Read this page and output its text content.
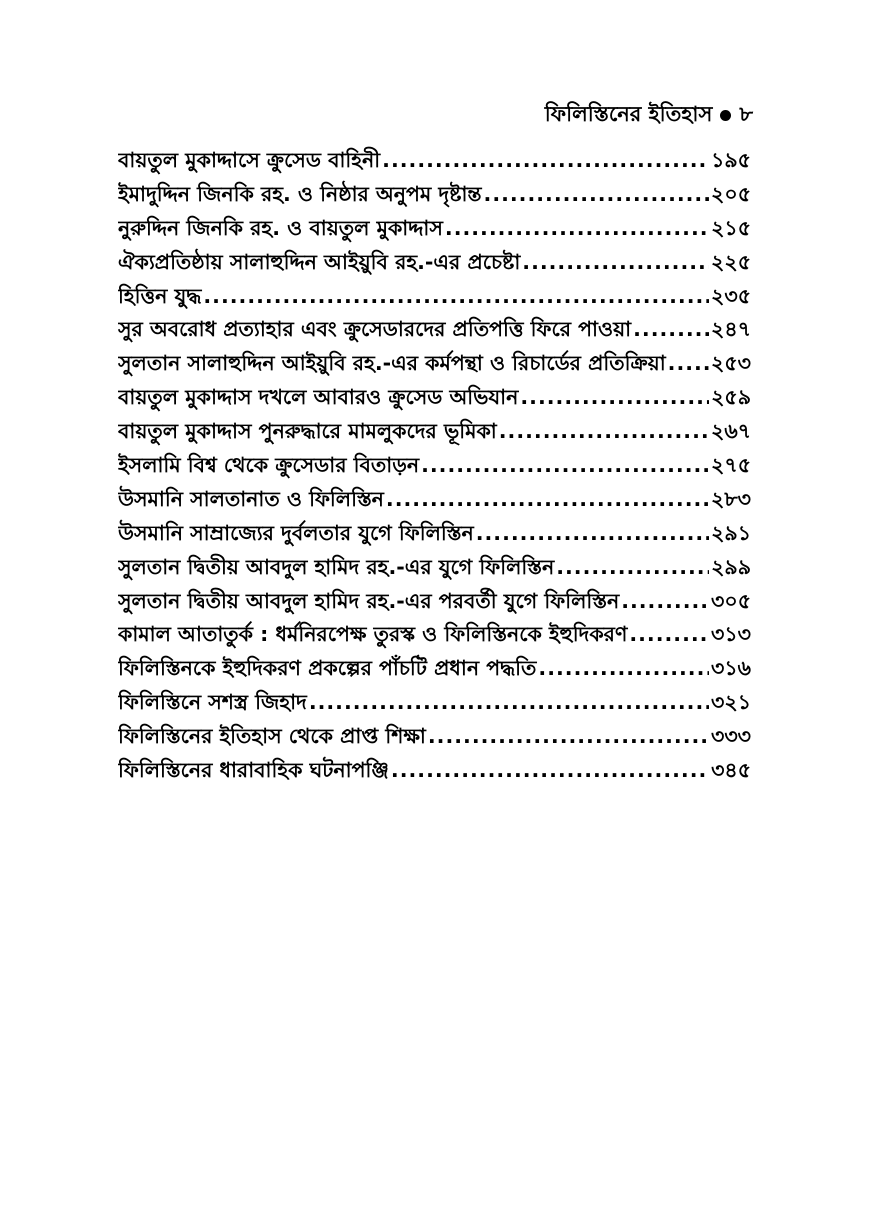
ফিলিস্তিনের ইতিহাস ৮
বায়তুল মুকাদ্দাসে ক্রুসেড বাহিনী .....	১৯৫
ইমাদুদ্দিন জিনকি রহ. ও নিষ্ঠার অনুপম দৃষ্টান্ত .....	২০৫
নুরুদ্দিন জিনকি রহ. ও বায়তুল মুকাদ্দাস .....	২১৫
ঐক্যপ্রতিষ্ঠায় সালাহুদ্দিন আইয়ুবি রহ.-এর প্রচেষ্টা .....	২২৫
হিত্তিন যুদ্ধ .....	২৩৫
সুর অবরোধ প্রত্যাহার এবং ক্রুসেডারদের প্রতিপত্তি ফিরে পাওয়া .....	২৪৭
সুলতান সালাহুদ্দিন আইয়ুবি রহ.-এর কর্মপন্থা ও রিচার্ডের প্রতিক্রিয়া ..... ২৫৩
বায়তুল মুকাদ্দাস দখলে আবারও ক্রুসেড অভিযান .....	২৫৯
বায়তুল মুকাদ্দাস পুনরুদ্ধারে মামলুকদের ভূমিকা .....	২৬৭
ইসলামি বিশ্ব থেকে ক্রুসেডার বিতাড়ন .....	২৭৫
উসমানি সালতানাত ও ফিলিস্তিন .....	২৮৩
উসমানি সাম্রাজ্যের দুর্বলতার যুগে ফিলিস্তিন .....	২৯১
সুলতান দ্বিতীয় আবদুল হামিদ রহ.-এর যুগে ফিলিস্তিন .....	২৯৯
সুলতান দ্বিতীয় আবদুল হামিদ রহ.-এর পরবর্তী যুগে ফিলিস্তিন .....	৩০৫
কামাল আতাতুর্ক : ধর্মনিরপেক্ষ তুরস্ক ও ফিলিস্তিনকে ইহুদিকরণ .....	৩১৩
ফিলিস্তিনকে ইহুদিকরণ প্রকল্পের পাঁচটি প্রধান পদ্ধতি .....	৩১৬
ফিলিস্তিনে সশস্ত্র জিহাদ .....	৩২১
ফিলিস্তিনের ইতিহাস থেকে প্রাপ্ত শিক্ষা .....	৩৩৩
ফিলিস্তিনের ধারাবাহিক ঘটনাপঞ্জি .....	৩৪৫
